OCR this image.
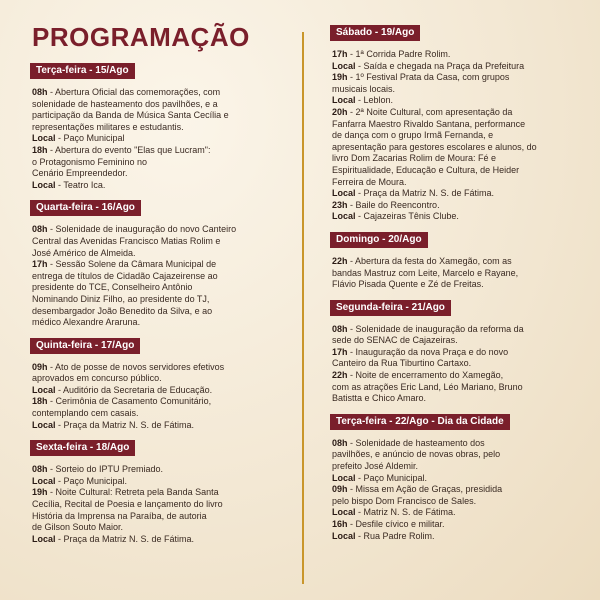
PROGRAMAÇÃO
Terça-feira - 15/Ago
08h - Abertura Oficial das comemorações, com
solenidade de hasteamento dos pavilhões, e a
participação da Banda de Música Santa Cecília e
representações militares e estudantis.
Local - Paço Municipal
18h - Abertura do evento "Elas que Lucram":
o Protagonismo Feminino no
Cenário Empreendedor.
Local - Teatro Ica.
Quarta-feira - 16/Ago
08h - Solenidade de inauguração do novo Canteiro
Central das Avenidas Francisco Matias Rolim e
José Américo de Almeida.
17h - Sessão Solene da Câmara Municipal de
entrega de títulos de Cidadão Cajazeirense ao
presidente do TCE, Conselheiro Antônio
Nominando Diniz Filho, ao presidente do TJ,
desembargador João Benedito da Silva, e ao
médico Alexandre Araruna.
Quinta-feira - 17/Ago
09h - Ato de posse de novos servidores efetivos
aprovados em concurso público.
Local - Auditório da Secretaria de Educação.
18h - Cerimônia de Casamento Comunitário,
contemplando cem casais.
Local - Praça da Matriz N. S. de Fátima.
Sexta-feira - 18/Ago
08h - Sorteio do IPTU Premiado.
Local - Paço Municipal.
19h - Noite Cultural: Retreta pela Banda Santa
Cecília, Recital de Poesia e lançamento do livro
História da Imprensa na Paraíba, de autoria
de Gilson Souto Maior.
Local - Praça da Matriz N. S. de Fátima.
Sábado - 19/Ago
17h - 1ª Corrida Padre Rolim.
Local - Saída e chegada na Praça da Prefeitura
19h - 1º Festival Prata da Casa, com grupos
musicais locais.
Local - Leblon.
20h - 2ª Noite Cultural, com apresentação da
Fanfarra Maestro Rivaldo Santana, performance
de dança com o grupo Irmã Fernanda, e
apresentação para gestores escolares e alunos, do
livro Dom Zacarias Rolim de Moura: Fé e
Espiritualidade, Educação e Cultura, de Heider
Ferreira de Moura.
Local - Praça da Matriz N. S. de Fátima.
23h - Baile do Reencontro.
Local - Cajazeiras Tênis Clube.
Domingo - 20/Ago
22h - Abertura da festa do Xamegão, com as
bandas Mastruz com Leite, Marcelo e Rayane,
Flávio Pisada Quente e Zé de Freitas.
Segunda-feira - 21/Ago
08h - Solenidade de inauguração da reforma da
sede do SENAC de Cajazeiras.
17h - Inauguração da nova Praça e do novo
Canteiro da Rua Tiburtino Cartaxo.
22h - Noite de encerramento do Xamegão,
com as atrações Eric Land, Léo Mariano, Bruno
Batistta e Chico Amaro.
Terça-feira - 22/Ago - Dia da Cidade
08h - Solenidade de hasteamento dos
pavilhões, e anúncio de novas obras, pelo
prefeito José Aldemir.
Local - Paço Municipal.
09h - Missa em Ação de Graças, presidida
pelo bispo Dom Francisco de Sales.
Local - Matriz N. S. de Fátima.
16h - Desfile cívico e militar.
Local - Rua Padre Rolim.
